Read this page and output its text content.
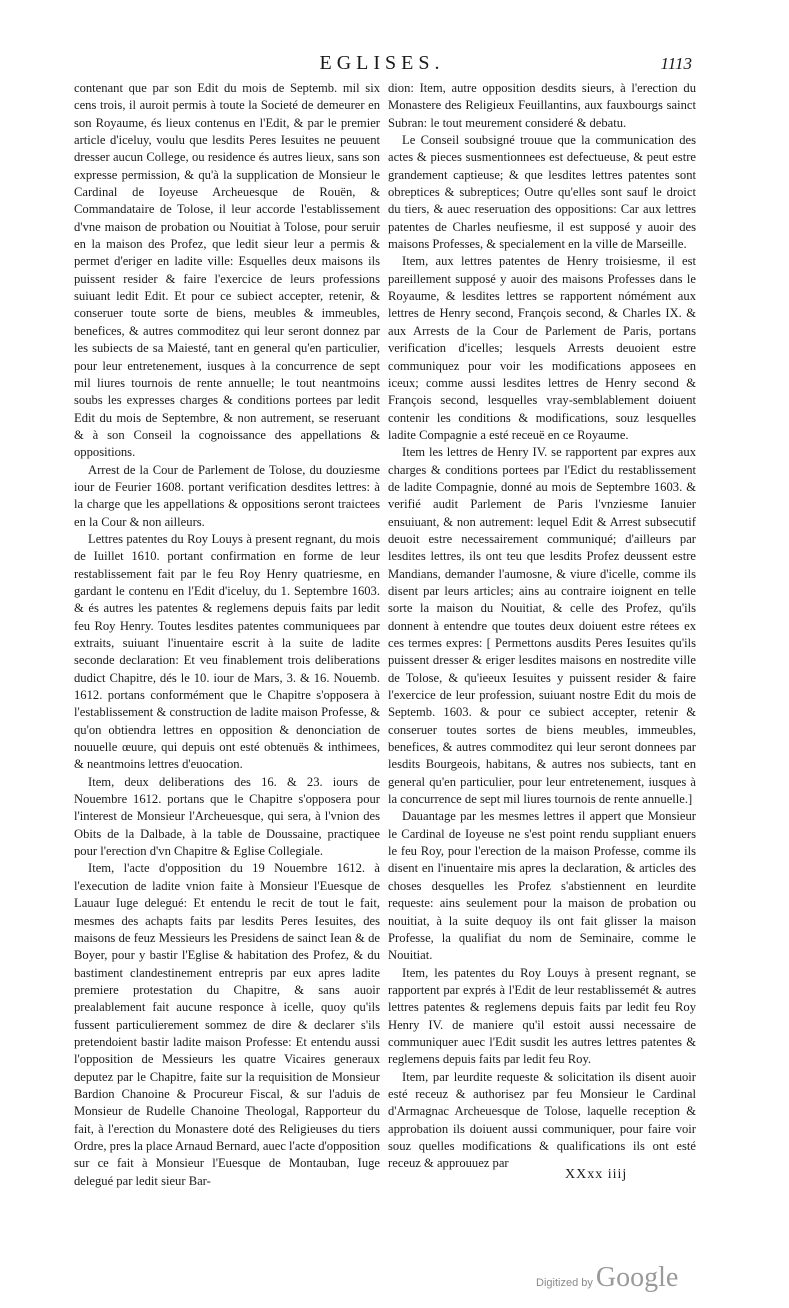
EGLISES.	1113

contenant que par son Edit du mois de Septemb. mil six cens trois, il auroit permis à toute la Societé de demeurer en son Royaume, és lieux contenus en l'Edit, & par le premier article d'iceluy, voulu que lesdits Peres Iesuites ne peuuent dresser aucun College, ou residence és autres lieux, sans son expresse permission, & qu'à la supplication de Monsieur le Cardinal de Ioyeuse Archeuesque de Rouën, & Commandataire de Tolose, il leur accorde l'establissement d'vne maison de probation ou Nouitiat à Tolose, pour seruir en la maison des Profez, que ledit sieur leur a permis & permet d'eriger en ladite ville: Esquelles deux maisons ils puissent resider & faire l'exercice de leurs professions suiuant ledit Edit. Et pour ce subiect accepter, retenir, & conseruer toute sorte de biens, meubles & immeubles, benefices, & autres commoditez qui leur seront donnez par les subiects de sa Maiesté, tant en general qu'en particulier, pour leur entretenement, iusques à la concurrence de sept mil liures tournois de rente annuelle; le tout neantmoins soubs les expresses charges & conditions portees par ledit Edit du mois de Septembre, & non autrement, se reseruant & à son Conseil la cognoissance des appellations & oppositions.

Arrest de la Cour de Parlement de Tolose, du douziesme iour de Feurier 1608. portant verification desdites lettres: à la charge que les appellations & oppositions seront traictees en la Cour & non ailleurs.

Lettres patentes du Roy Louys à present regnant, du mois de Iuillet 1610. portant confirmation en forme de leur restablissement fait par le feu Roy Henry quatriesme, en gardant le contenu en l'Edit d'iceluy, du 1. Septembre 1603. & és autres les patentes & reglemens depuis faits par ledit feu Roy Henry. Toutes lesdites patentes communiquees par extraits, suiuant l'inuentaire escrit à la suite de ladite seconde declaration: Et veu finablement trois deliberations dudict Chapitre, dés le 10. iour de Mars, 3. & 16. Nouemb. 1612. portans conformément que le Chapitre s'opposera à l'establissement & construction de ladite maison Professe, & qu'on obtiendra lettres en opposition & denonciation de nouuelle œuure, qui depuis ont esté obtenuës & inthimees, & neantmoins lettres d'euocation.

Item, deux deliberations des 16. & 23. iours de Nouembre 1612. portans que le Chapitre s'opposera pour l'interest de Monsieur l'Archeuesque, qui sera, à l'vnion des Obits de la Dalbade, à la table de Doussaine, practiquee pour l'erection d'vn Chapitre & Eglise Collegiale.

Item, l'acte d'opposition du 19 Nouembre 1612. à l'execution de ladite vnion faite à Monsieur l'Euesque de Lauaur Iuge delegué: Et entendu le recit de tout le fait, mesmes des achapts faits par lesdits Peres Iesuites, des maisons de feuz Messieurs les Presidens de sainct Iean & de Boyer, pour y bastir l'Eglise & habitation des Profez, & du bastiment clandestinement entrepris par eux apres ladite premiere protestation du Chapitre, & sans auoir prealablement fait aucune responce à icelle, quoy qu'ils fussent particulierement sommez de dire & declarer s'ils pretendoient bastir ladite maison Professe: Et entendu aussi l'opposition de Messieurs les quatre Vicaires generaux deputez par le Chapitre, faite sur la requisition de Monsieur Bardion Chanoine & Procureur Fiscal, & sur l'aduis de Monsieur de Rudelle Chanoine Theologal, Rapporteur du fait, à l'erection du Monastere doté des Religieuses du tiers Ordre, pres la place Arnaud Bernard, auec l'acte d'opposition sur ce fait à Monsieur l'Euesque de Montauban, Iuge delegué par ledit sieur Bar-

dion: Item, autre opposition desdits sieurs, à l'erection du Monastere des Religieux Feuillantins, aux fauxbourgs sainct Subran: le tout meurement consideré & debatu.

Le Conseil soubsigné trouue que la communication des actes & pieces susmentionnees est defectueuse, & peut estre grandement captieuse; & que lesdites lettres patentes sont obreptices & subreptices; Outre qu'elles sont sauf le droict du tiers, & auec reseruation des oppositions: Car aux lettres patentes de Charles neufiesme, il est supposé y auoir des maisons Professes, & specialement en la ville de Marseille.

Item, aux lettres patentes de Henry troisiesme, il est pareillement supposé y auoir des maisons Professes dans le Royaume, & lesdites lettres se rapportent nómément aux lettres de Henry second, François second, & Charles IX. & aux Arrests de la Cour de Parlement de Paris, portans verification d'icelles; lesquels Arrests deuoient estre communiquez pour voir les modifications apposees en iceux; comme aussi lesdites lettres de Henry second & François second, lesquelles vray-semblablement doiuent contenir les conditions & modifications, souz lesquelles ladite Compagnie a esté receuë en ce Royaume.

Item les lettres de Henry IV. se rapportent par expres aux charges & conditions portees par l'Edict du restablissement de ladite Compagnie, donné au mois de Septembre 1603. & verifié audit Parlement de Paris l'vnziesme Ianuier ensuiuant, & non autrement: lequel Edit & Arrest subsecutif deuoit estre necessairement communiqué; d'ailleurs par lesdites lettres, ils ont teu que lesdits Profez deussent estre Mandians, demander l'aumosne, & viure d'icelle, comme ils disent par leurs articles; ains au contraire ioignent en telle sorte la maison du Nouitiat, & celle des Profez, qu'ils donnent à entendre que toutes deux doiuent estre rétees ex ces termes expres: [ Permettons ausdits Peres Iesuites qu'ils puissent dresser & eriger lesdites maisons en nostredite ville de Tolose, & qu'ieeux Iesuites y puissent resider & faire l'exercice de leur profession, suiuant nostre Edit du mois de Septemb. 1603. & pour ce subiect accepter, retenir & conseruer toutes sortes de biens meubles, immeubles, benefices, & autres commoditez qui leur seront donnees par lesdits Bourgeois, habitans, & autres nos subiects, tant en general qu'en particulier, pour leur entretenement, iusques à la concurrence de sept mil liures tournois de rente annuelle.]

Dauantage par les mesmes lettres il appert que Monsieur le Cardinal de Ioyeuse ne s'est point rendu suppliant enuers le feu Roy, pour l'erection de la maison Professe, comme ils disent en l'inuentaire mis apres la declaration, & articles des choses desquelles les Profez s'abstiennent en leurdite requeste: ains seulement pour la maison de probation ou nouitiat, à la suite dequoy ils ont fait glisser la maison Professe, la qualifiat du nom de Seminaire, comme le Nouitiat.

Item, les patentes du Roy Louys à present regnant, se rapportent par exprés à l'Edit de leur restablissemét & autres lettres patentes & reglemens depuis faits par ledit feu Roy Henry IV. de maniere qu'il estoit aussi necessaire de communiquer auec l'Edit susdit les autres lettres patentes & reglemens depuis faits par ledit feu Roy.

Item, par leurdite requeste & solicitation ils disent auoir esté receuz & authorisez par feu Monsieur le Cardinal d'Armagnac Archeuesque de Tolose, laquelle reception & approbation ils doiuent aussi communiquer, pour faire voir souz quelles modifications & qualifications ils ont esté receuz & approuuez par

XXxx iiij
Digitized by Google
